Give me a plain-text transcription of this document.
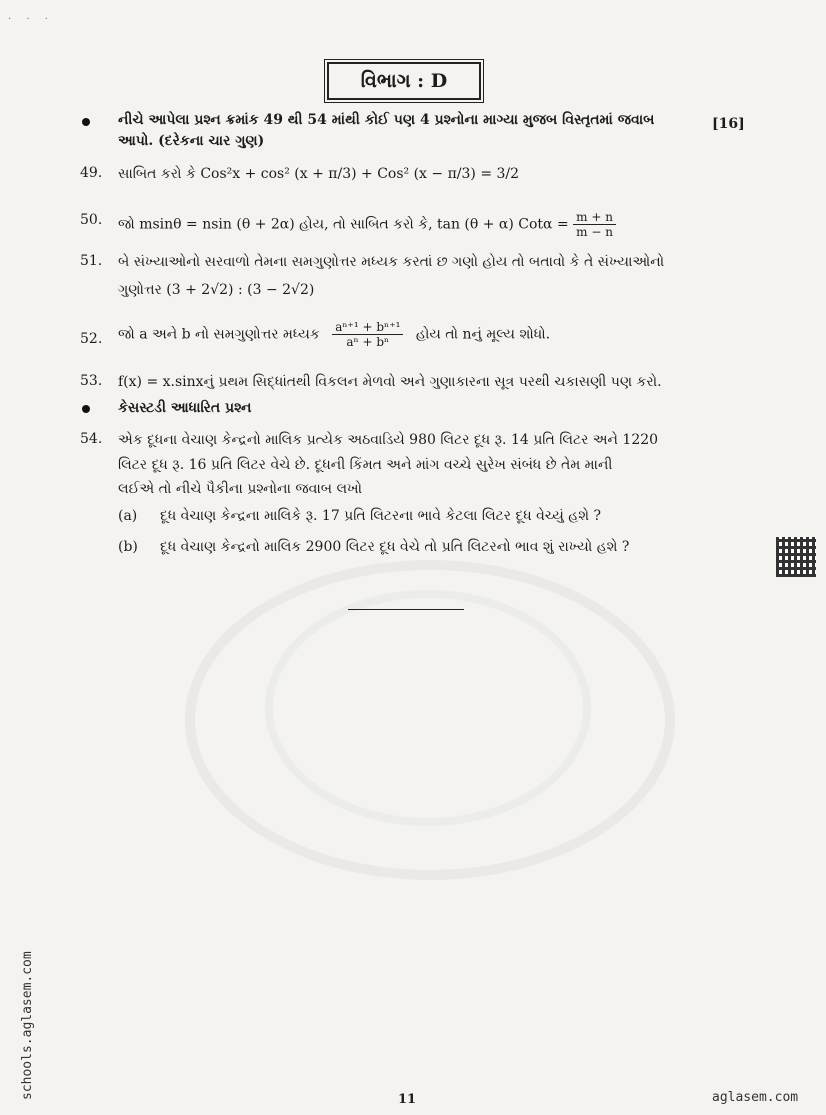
· · ·
વિભાગ : D
નીચે આપેલા પ્રશ્ન ક્રમાંક 49 થી 54 માંથી કોઈ પણ 4 પ્રશ્નોના માગ્યા મુજબ વિસ્તૃતમાં જવાબ
આપો. (દરેકના ચાર ગુણ)
[16]
49. સાબિત કરો કે Cos²x + cos² (x + π/3) + Cos² (x − π/3) = 3/2
50. જો msinθ = nsin (θ + 2α) હોય, તો સાબિત કરો કે, tan (θ + α) $Cot\alpha = \frac{m + n}{m - n}$
51. બે સંખ્યાઓનો સરવાળો તેમના સમગુણોત્તર મધ્યક કરતાં છ ગણો હોય તો બતાવો કે તે સંખ્યાઓનો
ગુણોત્તર (3 + 2√2) : (3 − 2√2)
52. જો a અને b નો સમગુણોત્તર મધ્યક $\frac{\text{aⁿ⁺¹ + bⁿ⁺¹}}{\text{aⁿ + bⁿ}}$ હોય તો nનું મૂલ્ય શોધો.
53. f(x) = x.sinxનું પ્રથમ સિદ્ધાંતથી વિકલન મેળવો અને ગુણાકારના સૂત્ર પરથી ચકાસણી પણ કરો.
કેસસ્ટડી આધારિત પ્રશ્ન
54. એક દૂધના વેચાણ કેન્દ્રનો માલિક પ્રત્યેક અઠવાડિયે 980 લિટર દૂધ રૂ. 14 પ્રતિ લિટર અને 1220
લિટર દૂધ રૂ. 16 પ્રતિ લિટર વેચે છે. દૂધની કિંમત અને માંગ વચ્ચે સુરેખ સંબંધ છે તેમ માની
લઈએ તો નીચે પૈકીના પ્રશ્નોના જવાબ લખો
(a) દૂધ વેચાણ કેન્દ્રના માલિકે રૂ. 17 પ્રતિ લિટરના ભાવે કેટલા લિટર દૂધ વેચ્યું હશે ?
(b) દૂધ વેચાણ કેન્દ્રનો માલિક 2900 લિટર દૂધ વેચે તો પ્રતિ લિટરનો ભાવ શું રાખ્યો હશે ?
schools.aglasem.com	11	aglasem.com
